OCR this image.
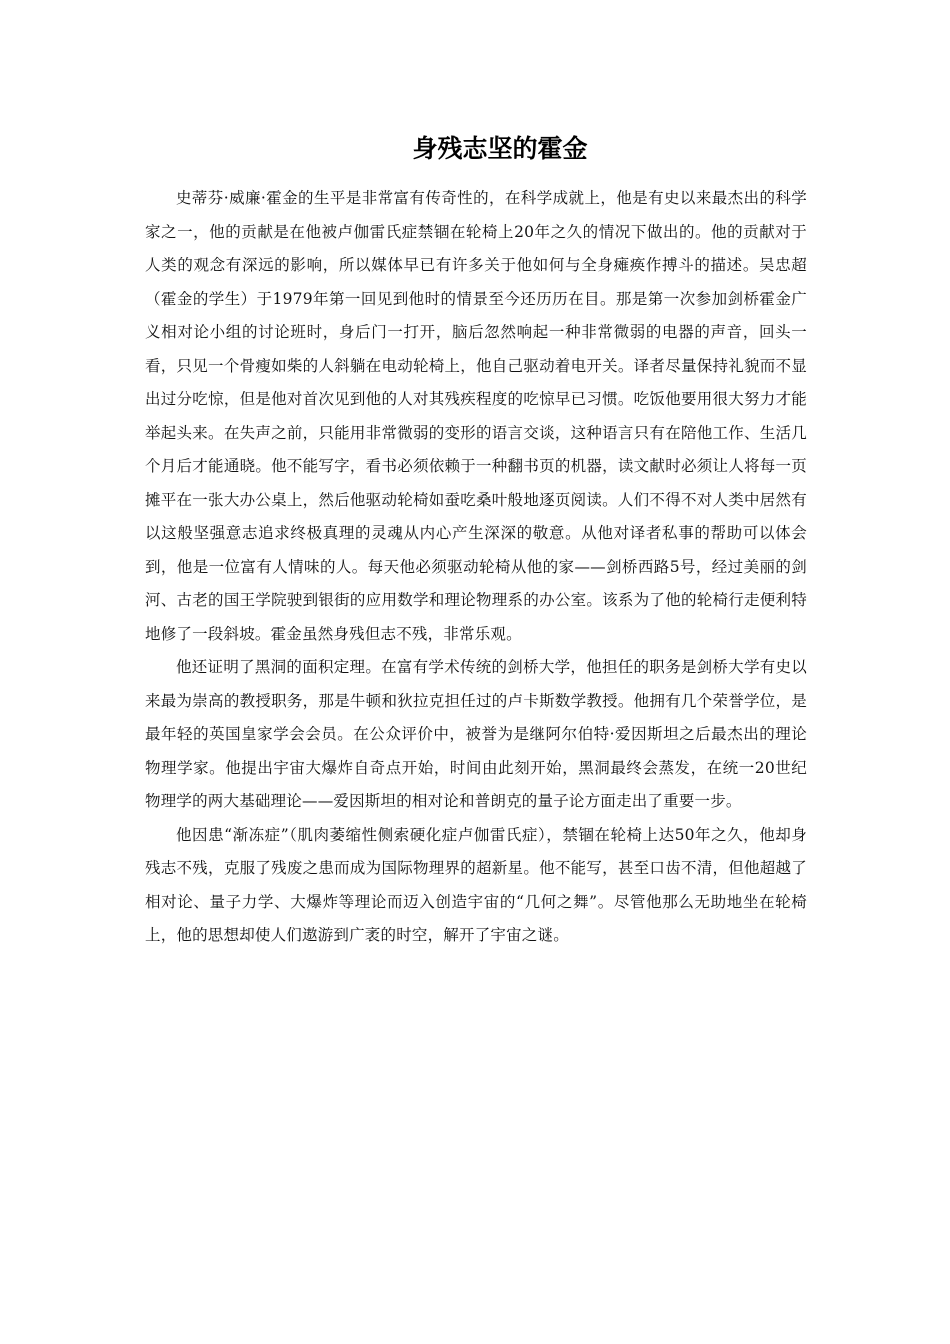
身残志坚的霍金

史蒂芬·威廉·霍金的生平是非常富有传奇性的，在科学成就上，他是有史以来最杰出的科学家之一，他的贡献是在他被卢伽雷氏症禁锢在轮椅上20年之久的情况下做出的。他的贡献对于人类的观念有深远的影响，所以媒体早已有许多关于他如何与全身瘫痪作搏斗的描述。吴忠超（霍金的学生）于1979年第一回见到他时的情景至今还历历在目。那是第一次参加剑桥霍金广义相对论小组的讨论班时，身后门一打开，脑后忽然响起一种非常微弱的电器的声音，回头一看，只见一个骨瘦如柴的人斜躺在电动轮椅上，他自己驱动着电开关。译者尽量保持礼貌而不显出过分吃惊，但是他对首次见到他的人对其残疾程度的吃惊早已习惯。吃饭他要用很大努力才能举起头来。在失声之前，只能用非常微弱的变形的语言交谈，这种语言只有在陪他工作、生活几个月后才能通晓。他不能写字，看书必须依赖于一种翻书页的机器，读文献时必须让人将每一页摊平在一张大办公桌上，然后他驱动轮椅如蚕吃桑叶般地逐页阅读。人们不得不对人类中居然有以这般坚强意志追求终极真理的灵魂从内心产生深深的敬意。从他对译者私事的帮助可以体会到，他是一位富有人情味的人。每天他必须驱动轮椅从他的家——剑桥西路5号，经过美丽的剑河、古老的国王学院驶到银街的应用数学和理论物理系的办公室。该系为了他的轮椅行走便利特地修了一段斜坡。霍金虽然身残但志不残，非常乐观。

他还证明了黑洞的面积定理。在富有学术传统的剑桥大学，他担任的职务是剑桥大学有史以来最为崇高的教授职务，那是牛顿和狄拉克担任过的卢卡斯数学教授。他拥有几个荣誉学位，是最年轻的英国皇家学会会员。在公众评价中，被誉为是继阿尔伯特·爱因斯坦之后最杰出的理论物理学家。他提出宇宙大爆炸自奇点开始，时间由此刻开始，黑洞最终会蒸发，在统一20世纪物理学的两大基础理论——爱因斯坦的相对论和普朗克的量子论方面走出了重要一步。

他因患“渐冻症”（肌肉萎缩性侧索硬化症卢伽雷氏症），禁锢在轮椅上达50年之久，他却身残志不残，克服了残废之患而成为国际物理界的超新星。他不能写，甚至口齿不清，但他超越了相对论、量子力学、大爆炸等理论而迈入创造宇宙的“几何之舞”。尽管他那么无助地坐在轮椅上，他的思想却使人们遨游到广袤的时空，解开了宇宙之谜。
